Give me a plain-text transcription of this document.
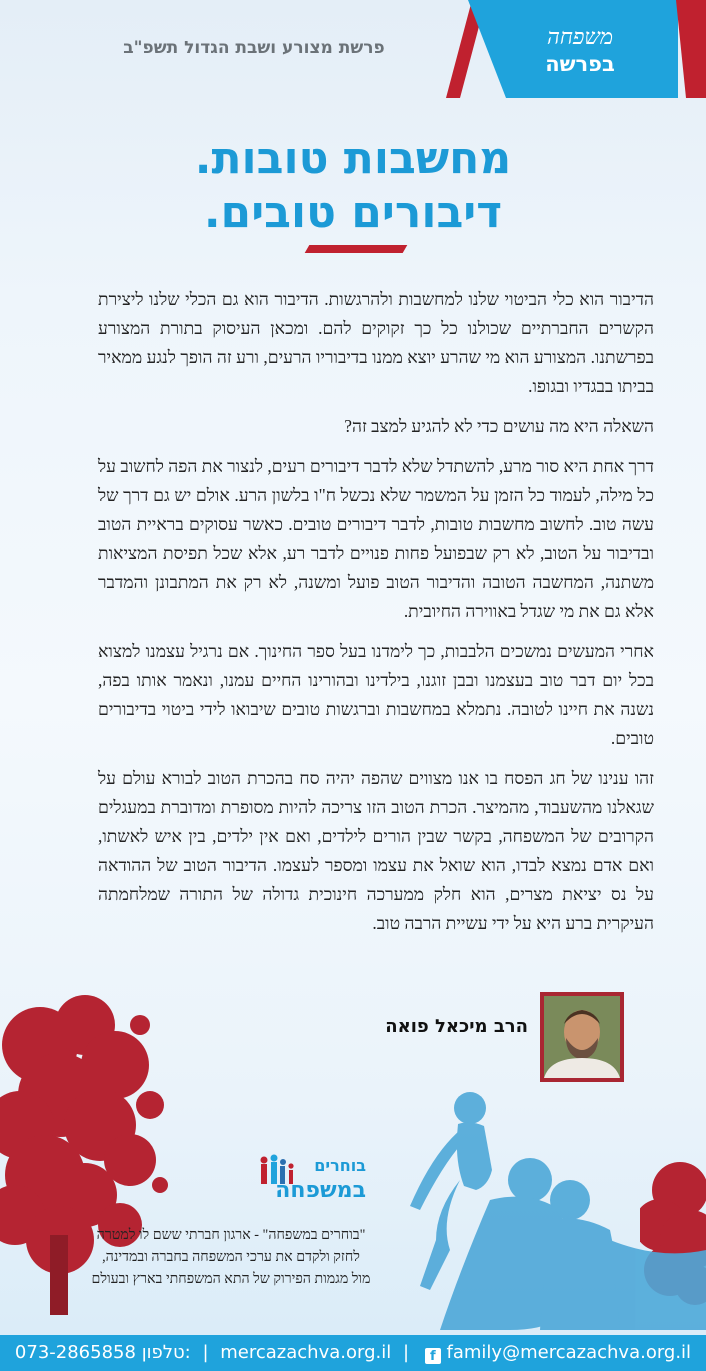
משפחה
בפרשה
פרשת מצורע ושבת הגדול תשפ"ב
מחשבות טובות.
דיבורים טובים.

הדיבור הוא כלי הביטוי שלנו למחשבות ולהרגשות. הדיבור הוא גם הכלי שלנו ליצירת הקשרים החברתיים שכולנו כל כך זקוקים להם. ומכאן העיסוק בתורת המצורע בפרשתנו. המצורע הוא מי שהרע יוצא ממנו בדיבוריו הרעים, ורע זה הופך לנגע ממאיר בביתו בבגדיו ובגופו.

השאלה היא מה עושים כדי לא להגיע למצב זה?

דרך אחת היא סור מרע, להשתדל שלא לדבר דיבורים רעים, לנצור את הפה לחשוב על כל מילה, לעמוד כל הזמן על המשמר שלא נכשל ח"ו בלשון הרע. אולם יש גם דרך של עשה טוב. לחשוב מחשבות טובות, לדבר דיבורים טובים. כאשר עסוקים בראיית הטוב ובדיבור על הטוב, לא רק שבפועל פחות פנויים לדבר רע, אלא שכל תפיסת המציאות משתנה, המחשבה הטובה והדיבור הטוב פועל ומשנה, לא רק את המתבונן והמדבר אלא גם את מי שגדל באווירה החיובית.

אחרי המעשים נמשכים הלבבות, כך לימדנו בעל ספר החינוך. אם נרגיל עצמנו למצוא בכל יום דבר טוב בעצמנו ובבן זוגנו, בילדינו ובהורינו החיים עמנו, ונאמר אותו בפה, נשנה את חיינו לטובה. נתמלא במחשבות וברגשות טובים שיבואו לידי ביטוי בדיבורים טובים.

זהו ענינו של חג הפסח בו אנו מצווים שהפה יהיה סח בהכרת הטוב לבורא עולם על שגאלנו מהשעבוד, מהמיצר. הכרת הטוב הזו צריכה להיות מסופרת ומדוברת במעגלים הקרובים של המשפחה, בקשר שבין הורים לילדים, ואם אין ילדים, בין איש לאשתו, ואם אדם נמצא לבדו, הוא שואל את עצמו ומספר לעצמו. הדיבור הטוב של ההודאה על נס יציאת מצרים, הוא חלק ממערכה חינוכית גדולה של התורה שמלחמתה העיקרית ברע היא על ידי עשיית הרבה טוב.

הרב מיכאל פואה
בוחרים
במשפחה
"בוחרים במשפחה" - ארגון חברתי ששם לו למטרה
לחזק ולקדם את ערכי המשפחה בחברה ובמדינה,
מול מגמות הפירוק של התא המשפחתי בארץ ובעולם
073-2865858 טלפון: | mercazachva.org.il | f family@mercazachva.org.il
